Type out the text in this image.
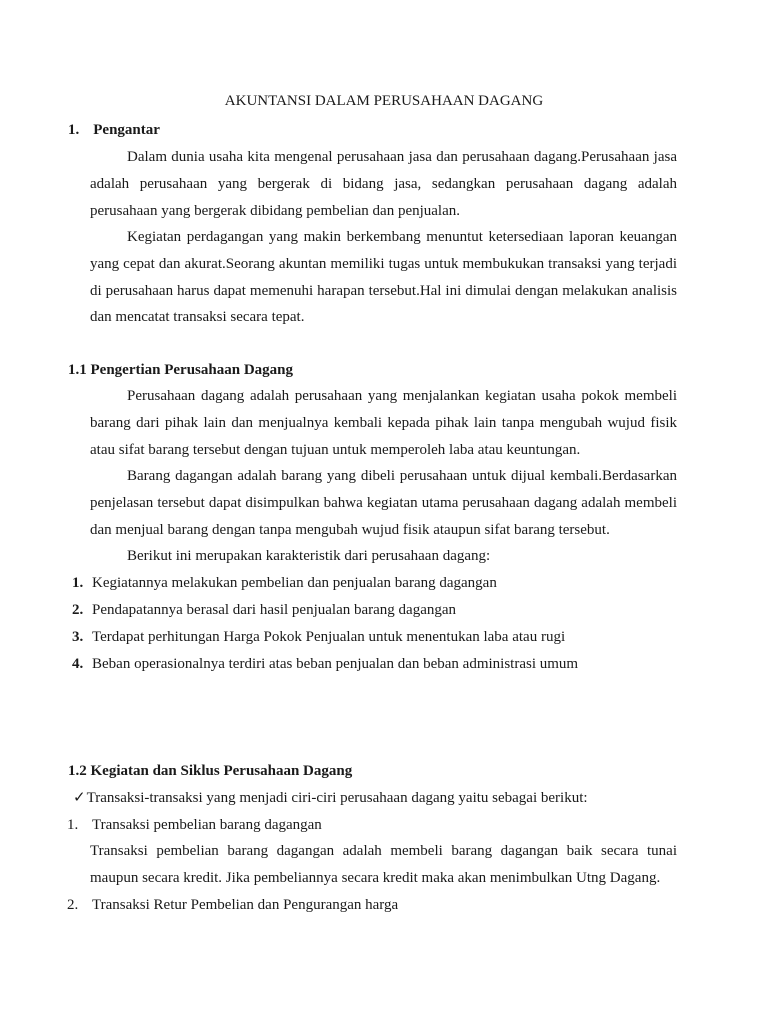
AKUNTANSI DALAM PERUSAHAAN DAGANG
1. Pengantar

Dalam dunia usaha kita mengenal perusahaan jasa dan perusahaan dagang.Perusahaan jasa adalah perusahaan yang bergerak di bidang jasa, sedangkan perusahaan dagang adalah perusahaan yang bergerak dibidang pembelian dan penjualan.

Kegiatan perdagangan yang makin berkembang menuntut ketersediaan laporan keuangan yang cepat dan akurat.Seorang akuntan memiliki tugas untuk membukukan transaksi yang terjadi di perusahaan harus dapat memenuhi harapan tersebut.Hal ini dimulai dengan melakukan analisis dan mencatat transaksi secara tepat.

1.1 Pengertian Perusahaan Dagang

Perusahaan dagang adalah perusahaan yang menjalankan kegiatan usaha pokok membeli barang dari pihak lain dan menjualnya kembali kepada pihak lain tanpa mengubah wujud fisik atau sifat barang tersebut dengan tujuan untuk memperoleh laba atau keuntungan.

Barang dagangan adalah barang yang dibeli perusahaan untuk dijual kembali.Berdasarkan penjelasan tersebut dapat disimpulkan bahwa kegiatan utama perusahaan dagang adalah membeli dan menjual barang dengan tanpa mengubah wujud fisik ataupun sifat barang tersebut.

Berikut ini merupakan karakteristik dari perusahaan dagang:

1. Kegiatannya melakukan pembelian dan penjualan barang dagangan
2. Pendapatannya berasal dari hasil penjualan barang dagangan
3. Terdapat perhitungan Harga Pokok Penjualan untuk menentukan laba atau rugi
4. Beban operasionalnya terdiri atas beban penjualan dan beban administrasi umum
1.2 Kegiatan dan Siklus Perusahaan Dagang
✓Transaksi-transaksi yang menjadi ciri-ciri perusahaan dagang yaitu sebagai berikut:
1. Transaksi pembelian barang dagangan

Transaksi pembelian barang dagangan adalah membeli barang dagangan baik secara tunai maupun secara kredit. Jika pembeliannya secara kredit maka akan menimbulkan Utng Dagang.

2. Transaksi Retur Pembelian dan Pengurangan harga
